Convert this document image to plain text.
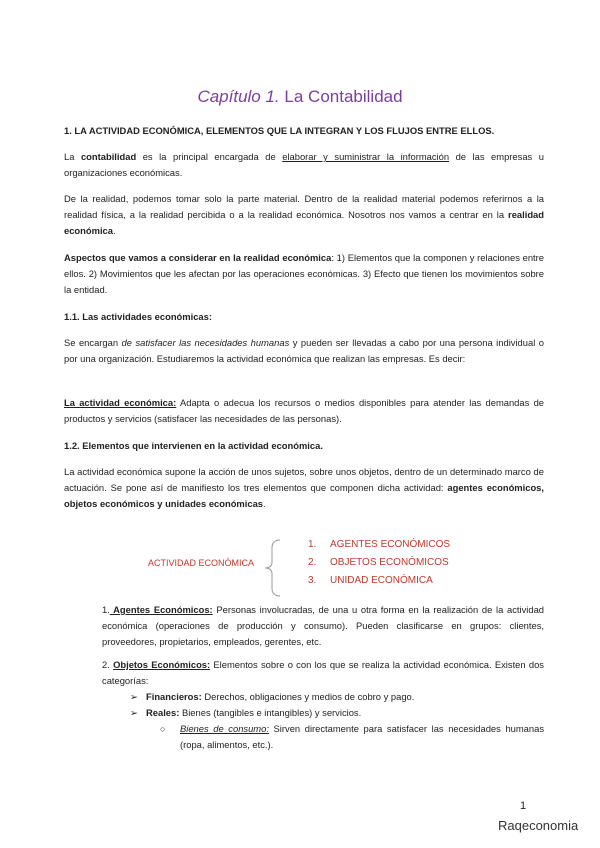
Capítulo 1. La Contabilidad
1. LA ACTIVIDAD ECONÓMICA, ELEMENTOS QUE LA INTEGRAN Y LOS FLUJOS ENTRE ELLOS.
La contabilidad es la principal encargada de elaborar y suministrar la información de las empresas u organizaciones económicas.
De la realidad, podemos tomar solo la parte material. Dentro de la realidad material podemos referirnos a la realidad física, a la realidad percibida o a la realidad económica. Nosotros nos vamos a centrar en la realidad económica.
Aspectos que vamos a considerar en la realidad económica: 1) Elementos que la componen y relaciones entre ellos. 2) Movimientos que les afectan por las operaciones económicas. 3) Efecto que tienen los movimientos sobre la entidad.
1.1. Las actividades económicas:
Se encargan de satisfacer las necesidades humanas y pueden ser llevadas a cabo por una persona individual o por una organización. Estudiaremos la actividad económica que realizan las empresas. Es decir:
La actividad económica: Adapta o adecua los recursos o medios disponibles para atender las demandas de productos y servicios (satisfacer las necesidades de las personas).
1.2. Elementos que intervienen en la actividad económica.
La actividad económica supone la acción de unos sujetos, sobre unos objetos, dentro de un determinado marco de actuación. Se pone así de manifiesto los tres elementos que componen dicha actividad: agentes económicos, objetos económicos y unidades económicas.
ACTIVIDAD ECONÓMICA
1. AGENTES ECONÓMICOS
2. OBJETOS ECONÓMICOS
3. UNIDAD ECONÓMICA
1. Agentes Económicos: Personas involucradas, de una u otra forma en la realización de la actividad económica (operaciones de producción y consumo). Pueden clasificarse en grupos: clientes, proveedores, propietarios, empleados, gerentes, etc.
2. Objetos Económicos: Elementos sobre o con los que se realiza la actividad económica. Existen dos categorías:
➢ Financieros: Derechos, obligaciones y medios de cobro y pago.
➢ Reales: Bienes (tangibles e intangibles) y servicios.
○ Bienes de consumo: Sirven directamente para satisfacer las necesidades humanas (ropa, alimentos, etc.).
1
Raqeconomia
